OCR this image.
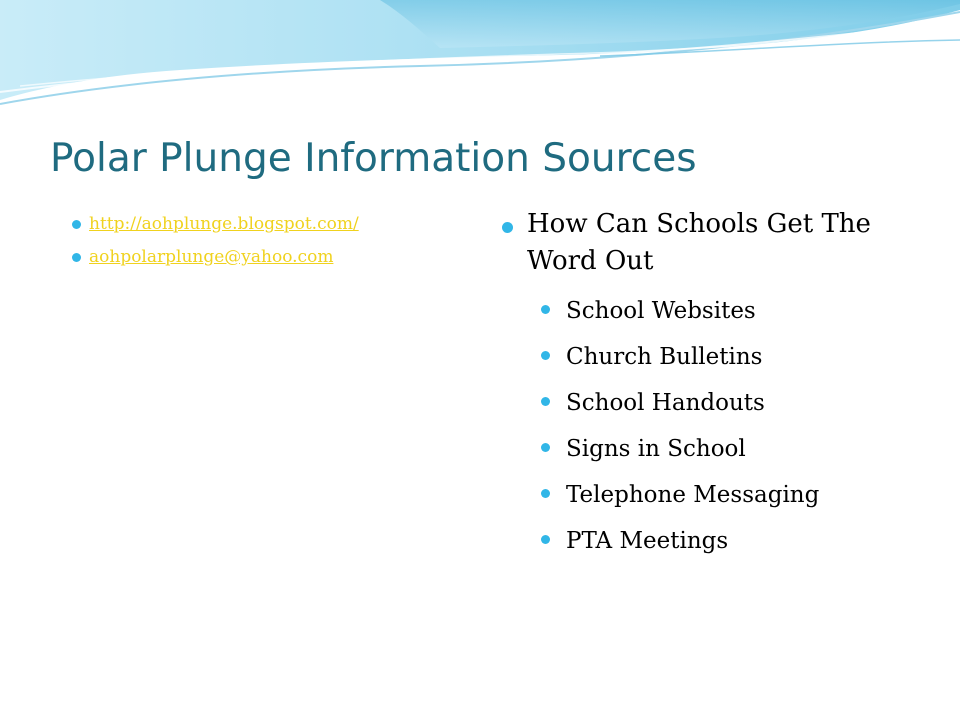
Polar Plunge Information Sources
http://aohplunge.blogspot.com/
aohpolarplunge@yahoo.com
How Can Schools Get The Word Out
School Websites
Church Bulletins
School Handouts
Signs in School
Telephone Messaging
PTA Meetings
